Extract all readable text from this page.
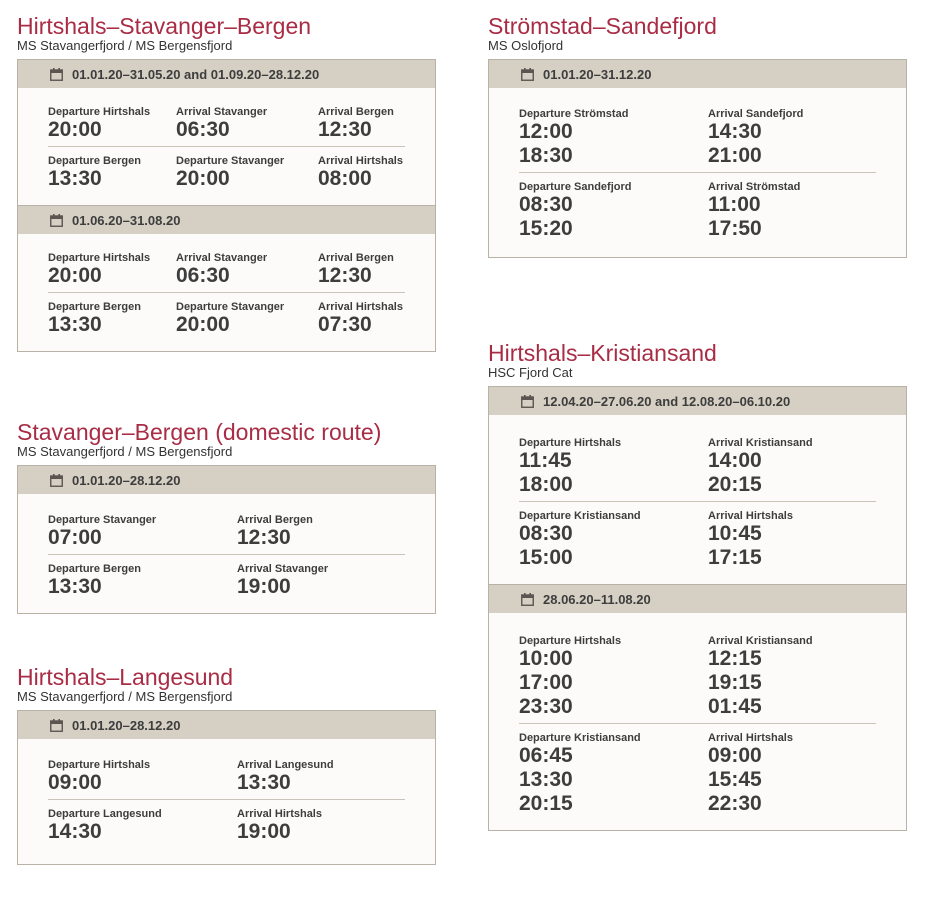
Hirtshals–Stavanger–Bergen
MS Stavangerfjord / MS Bergensfjord
01.01.20–31.05.20 and 01.09.20–28.12.20
Departure Hirtshals
20:00
Arrival Stavanger
06:30
Arrival Bergen
12:30
Departure Bergen
13:30
Departure Stavanger
20:00
Arrival Hirtshals
08:00
01.06.20–31.08.20
Departure Hirtshals
20:00
Arrival Stavanger
06:30
Arrival Bergen
12:30
Departure Bergen
13:30
Departure Stavanger
20:00
Arrival Hirtshals
07:30
Stavanger–Bergen (domestic route)
MS Stavangerfjord / MS Bergensfjord
01.01.20–28.12.20
Departure Stavanger
07:00
Arrival Bergen
12:30
Departure Bergen
13:30
Arrival Stavanger
19:00
Hirtshals–Langesund
MS Stavangerfjord / MS Bergensfjord
01.01.20–28.12.20
Departure Hirtshals
09:00
Arrival Langesund
13:30
Departure Langesund
14:30
Arrival Hirtshals
19:00
Strömstad–Sandefjord
MS Oslofjord
01.01.20–31.12.20
Departure Strömstad
12:00
18:30
Arrival Sandefjord
14:30
21:00
Departure Sandefjord
08:30
15:20
Arrival Strömstad
11:00
17:50
Hirtshals–Kristiansand
HSC Fjord Cat
12.04.20–27.06.20 and 12.08.20–06.10.20
Departure Hirtshals
11:45
18:00
Arrival Kristiansand
14:00
20:15
Departure Kristiansand
08:30
15:00
Arrival Hirtshals
10:45
17:15
28.06.20–11.08.20
Departure Hirtshals
10:00
17:00
23:30
Arrival Kristiansand
12:15
19:15
01:45
Departure Kristiansand
06:45
13:30
20:15
Arrival Hirtshals
09:00
15:45
22:30
